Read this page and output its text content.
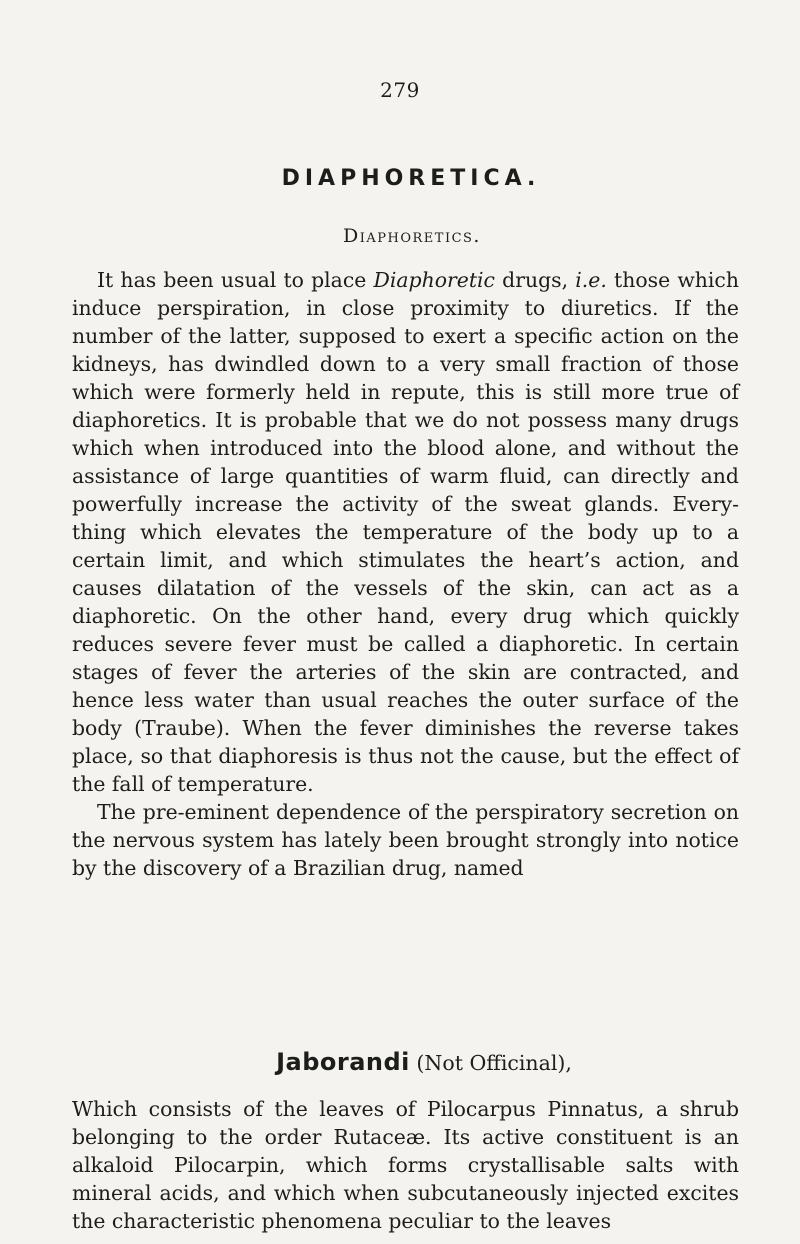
279
DIAPHORETICA.
Diaphoretics.

It has been usual to place Diaphoretic drugs, i.e. those which induce perspiration, in close proximity to diuretics. If the number of the latter, supposed to exert a specific action on the kidneys, has dwindled down to a very small fraction of those which were formerly held in repute, this is still more true of diaphoretics. It is probable that we do not possess many drugs which when introduced into the blood alone, and without the assistance of large quantities of warm fluid, can directly and powerfully increase the activity of the sweat glands. Every-thing which elevates the temperature of the body up to a certain limit, and which stimulates the heart’s action, and causes dilatation of the vessels of the skin, can act as a diaphoretic. On the other hand, every drug which quickly reduces severe fever must be called a diaphoretic. In certain stages of fever the arteries of the skin are contracted, and hence less water than usual reaches the outer surface of the body (Traube). When the fever diminishes the reverse takes place, so that diaphoresis is thus not the cause, but the effect of the fall of temperature.

The pre-eminent dependence of the perspiratory secretion on the nervous system has lately been brought strongly into notice by the discovery of a Brazilian drug, named

Jaborandi (Not Officinal),

Which consists of the leaves of Pilocarpus Pinnatus, a shrub belonging to the order Rutaceæ. Its active constituent is an alkaloid Pilocarpin, which forms crystallisable salts with mineral acids, and which when subcutaneously injected excites the characteristic phenomena peculiar to the leaves
